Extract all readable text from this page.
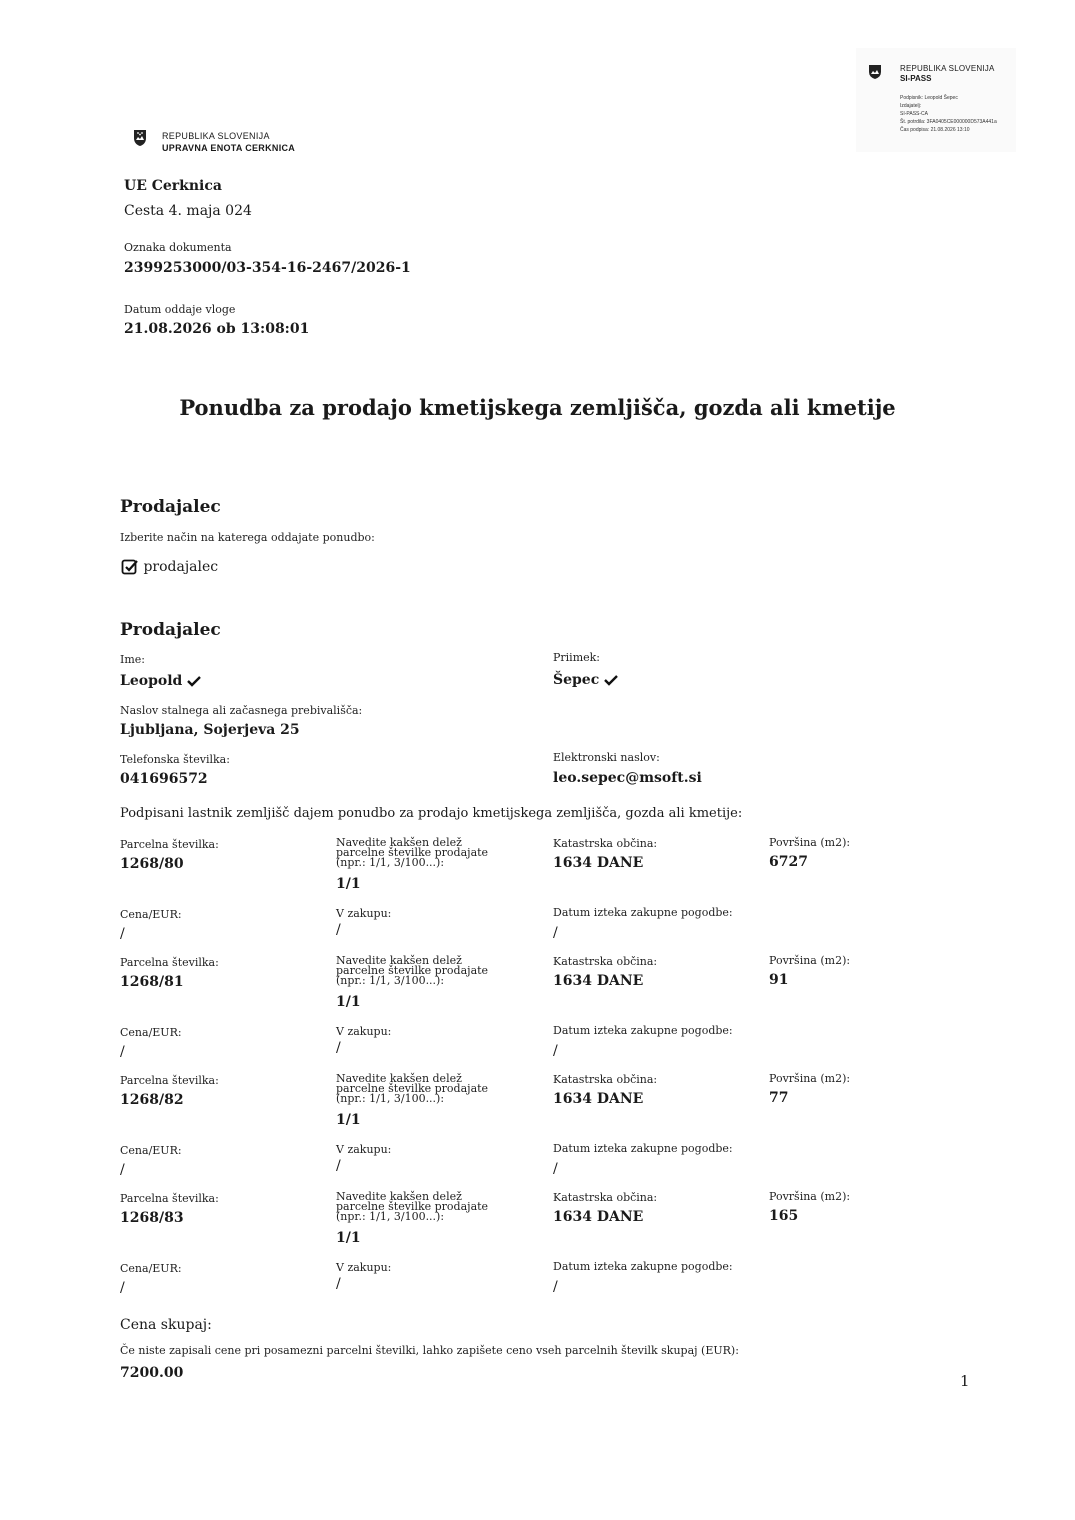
REPUBLIKA SLOVENIJA
SI-PASS
Podpisnik: Leopold Šepec
Izdajatelj:
SI-PASS-CA
Št. potrdila: 3FA0405CE000000D573A441a
Čas podpisa: 21.08.2026 13:10
REPUBLIKA SLOVENIJA
UPRAVNA ENOTA CERKNICA
UE Cerknica
Cesta 4. maja 024
Oznaka dokumenta
2399253000/03-354-16-2467/2026-1
Datum oddaje vloge
21.08.2026 ob 13:08:01
Ponudba za prodajo kmetijskega zemljišča, gozda ali kmetije
Prodajalec
Izberite način na katerega oddajate ponudbo:
prodajalec
Prodajalec
Ime:
Leopold
Priimek:
Šepec
Naslov stalnega ali začasnega prebivališča:
Ljubljana, Sojerjeva 25
Telefonska številka:
041696572
Elektronski naslov:
leo.sepec@msoft.si
Podpisani lastnik zemljišč dajem ponudbo za prodajo kmetijskega zemljišča, gozda ali kmetije:
Parcelna številka:
1268/80
Navedite kakšen delež parcelne številke prodajate (npr.: 1/1, 3/100...):
1/1
Katastrska občina:
1634 DANE
Površina (m2):
6727
Cena/EUR:
/
V zakupu:
/
Datum izteka zakupne pogodbe:
/
Parcelna številka:
1268/81
Navedite kakšen delež parcelne številke prodajate (npr.: 1/1, 3/100...):
1/1
Katastrska občina:
1634 DANE
Površina (m2):
91
Cena/EUR:
/
V zakupu:
/
Datum izteka zakupne pogodbe:
/
Parcelna številka:
1268/82
Navedite kakšen delež parcelne številke prodajate (npr.: 1/1, 3/100...):
1/1
Katastrska občina:
1634 DANE
Površina (m2):
77
Cena/EUR:
/
V zakupu:
/
Datum izteka zakupne pogodbe:
/
Parcelna številka:
1268/83
Navedite kakšen delež parcelne številke prodajate (npr.: 1/1, 3/100...):
1/1
Katastrska občina:
1634 DANE
Površina (m2):
165
Cena/EUR:
/
V zakupu:
/
Datum izteka zakupne pogodbe:
/
Cena skupaj:
Če niste zapisali cene pri posamezni parcelni številki, lahko zapišete ceno vseh parcelnih številk skupaj (EUR):
7200.00	1
